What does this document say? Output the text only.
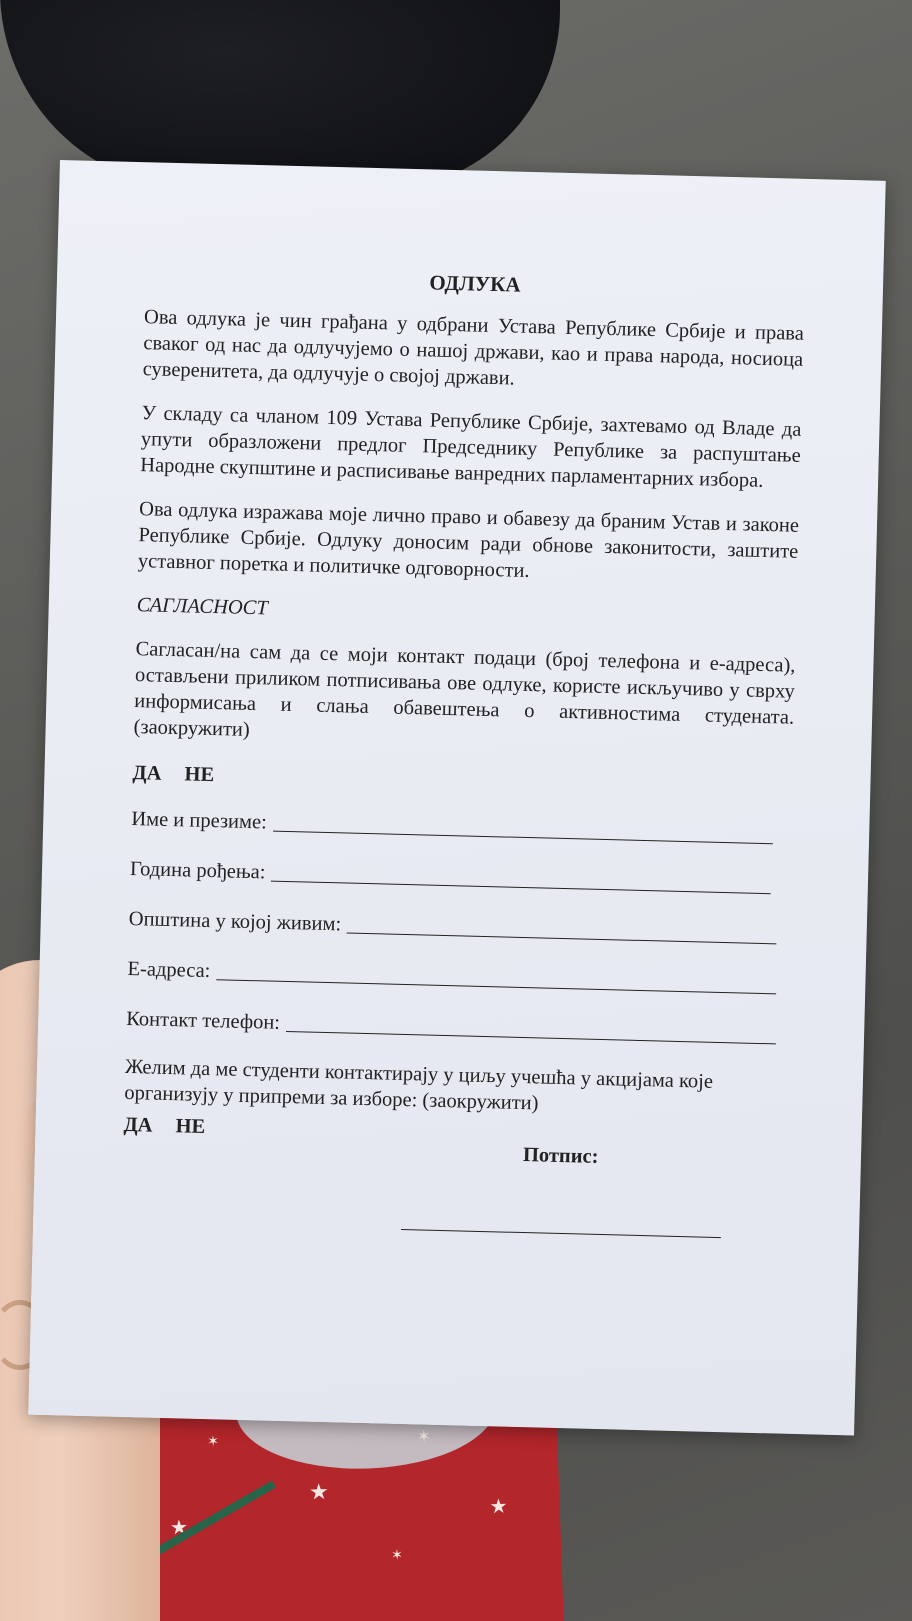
✶
★
✶
★
★
✶

ОДЛУКА

Ова одлука је чин грађана у одбрани Устава Републике Србије и права сваког од нас да одлучујемо о нашој држави, као и права народа, носиоца суверенитета, да одлучује о својој држави.

У складу са чланом 109 Устава Републике Србије, захтевамо од Владе да упути образложени предлог Председнику Републике за распуштање Народне скупштине и расписивање ванредних парламентарних избора.

Ова одлука изражава моје лично право и обавезу да браним Устав и законе Републике Србије. Одлуку доносим ради обнове законитости, заштите уставног поретка и политичке одговорности.

САГЛАСНОСТ

Сагласан/на сам да се моји контакт подаци (број телефона и е-адреса), остављени приликом потписивања ове одлуке, користе искључиво у сврху информисања и слања обавештења о активностима студената. (заокружити)

ДА НЕ
Име и презиме:
Година рођења:
Општина у којој живим:
Е-адреса:
Контакт телефон:

Желим да ме студенти контактирају у циљу учешћа у акцијама које организују у припреми за изборе: (заокружити)

ДА НЕ
Потпис:
